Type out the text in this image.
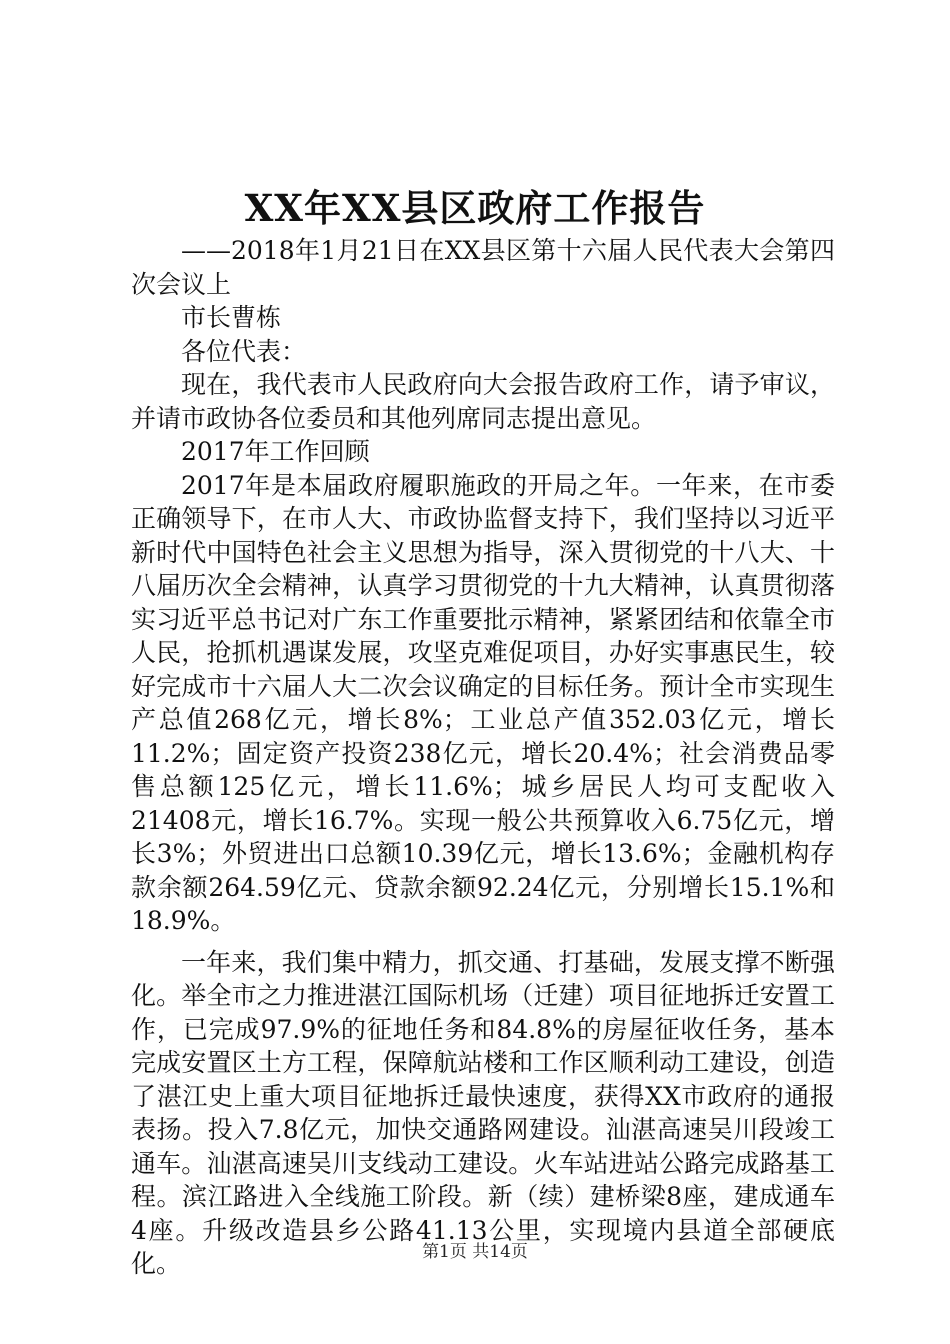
XX年XX县区政府工作报告

——2018年1月21日在XX县区第十六届人民代表大会第四次会议上

市长曹栋

各位代表：

现在，我代表市人民政府向大会报告政府工作，请予审议，并请市政协各位委员和其他列席同志提出意见。

2017年工作回顾

2017年是本届政府履职施政的开局之年。一年来，在市委正确领导下，在市人大、市政协监督支持下，我们坚持以习近平新时代中国特色社会主义思想为指导，深入贯彻党的十八大、十八届历次全会精神，认真学习贯彻党的十九大精神，认真贯彻落实习近平总书记对广东工作重要批示精神，紧紧团结和依靠全市人民，抢抓机遇谋发展，攻坚克难促项目，办好实事惠民生，较好完成市十六届人大二次会议确定的目标任务。预计全市实现生产总值268亿元，增长8%；工业总产值352.03亿元，增长11.2%；固定资产投资238亿元，增长20.4%；社会消费品零售总额125亿元，增长11.6%；城乡居民人均可支配收入21408元，增长16.7%。实现一般公共预算收入6.75亿元，增长3%；外贸进出口总额10.39亿元，增长13.6%；金融机构存款余额264.59亿元、贷款余额92.24亿元，分别增长15.1%和18.9%。

一年来，我们集中精力，抓交通、打基础，发展支撑不断强化。举全市之力推进湛江国际机场（迁建）项目征地拆迁安置工作，已完成97.9%的征地任务和84.8%的房屋征收任务，基本完成安置区土方工程，保障航站楼和工作区顺利动工建设，创造了湛江史上重大项目征地拆迁最快速度，获得XX市政府的通报表扬。投入7.8亿元，加快交通路网建设。汕湛高速吴川段竣工通车。汕湛高速吴川支线动工建设。火车站进站公路完成路基工程。滨江路进入全线施工阶段。新（续）建桥梁8座，建成通车4座。升级改造县乡公路41.13公里，实现境内县道全部硬底化。	第1页 共14页
